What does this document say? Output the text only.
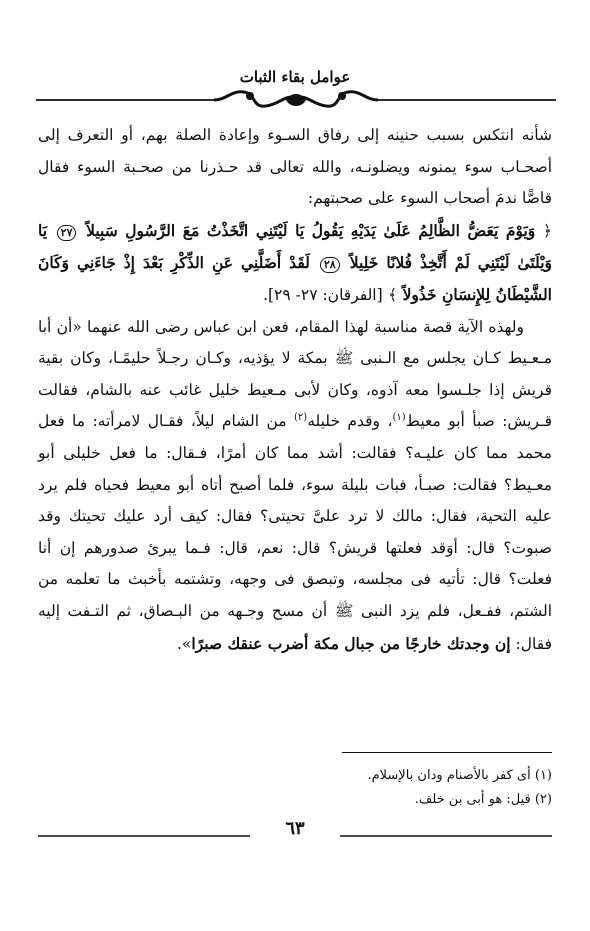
عوامل بقاء الثبات

شأنه انتكس بسبب حنينه إلى رفاق السـوء وإعادة الصلة بهم، أو التعرف إلى أصحـاب سوء يمنونه ويضلونـه، والله تعالى قد حـذرنا من صحـبة السوء فقال قاصًّا ندمَ أصحاب السوء على صحبتهم:

﴿ وَيَوْمَ يَعَضُّ الظَّالِمُ عَلَىٰ يَدَيْهِ يَقُولُ يَا لَيْتَنِي اتَّخَذْتُ مَعَ الرَّسُولِ سَبِيلاً ٢٧ يَا وَيْلَتَىٰ لَيْتَنِي لَمْ أَتَّخِذْ فُلانًا خَلِيلاً ٢٨ لَقَدْ أَضَلَّنِي عَنِ الذِّكْرِ بَعْدَ إِذْ جَاءَنِي وَكَانَ الشَّيْطَانُ لِلإِنسَانِ خَذُولاً ﴾ [الفرقان: ٢٧- ٢٩].

ولهذه الآية قصة مناسبة لهذا المقام، فعن ابن عباس رضى الله عنهما «أن أبا مـعـيط كـان يجلس مع الـنبى ﷺ بمكة لا يؤذيه، وكـان رجـلاً حليمًـا، وكان بقية قريش إذا جلـسوا معه آذوه، وكان لأبى مـعيط خليل غائب عنه بالشام، فقالت قـريش: صبأ أبو معيط$^{(١)}$، وقدم خليله$^{(٢)}$ من الشام ليلاً، فقـال لامرأته: ما فعل محمد مما كان عليـه؟ فقالت: أشد مما كان أمرًا، فـقال: ما فعل خليلى أبو معـيط؟ فقالت: صبـأ، فبات بليلة سوء، فلما أصبح أتاه أبو معيط فحياه فلم يرد عليه التحية، فقال: مالك لا ترد علىَّ تحيتى؟ فقال: كيف أرد عليك تحيتك وقد صبوت؟ قال: أوَقد فعلتها قريش؟ قال: نعم، قال: فـما يبرئ صدورهم إن أنا فعلت؟ قال: تأتيه فى مجلسه، وتبصق فى وجهه، وتشتمه بأخبث ما تعلمه من الشتم، ففـعل، فلم يزد النبى ﷺ أن مسح وجـهه من البـصاق، ثم التـفت إليه فقال: إن وجدتك خارجًا من جبال مكة أضرب عنقك صبرًا».

(١) أى كفر بالأصنام ودان بالإسلام.
(٢) قيل: هو أبى بن خلف.
٦٣
